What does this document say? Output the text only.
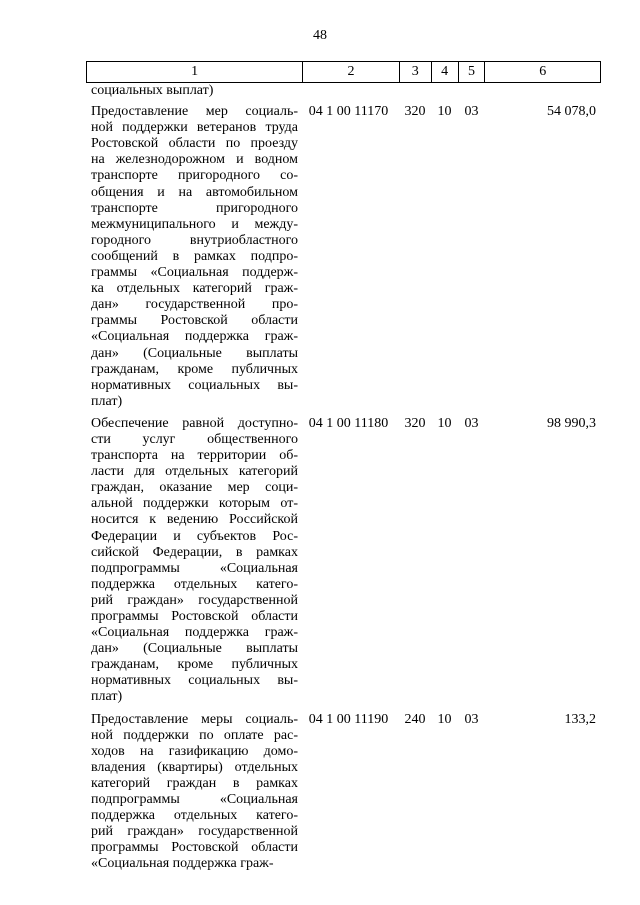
48
1	2	3	4	5	6
социальных выплат)
Предоставление мер социаль-
ной поддержки ветеранов труда
Ростовской области по проезду
на железнодорожном и водном
транспорте пригородного со-
общения и на автомобильном
транспорте пригородного
межмуниципального и между-
городного внутриобластного
сообщений в рамках подпро-
граммы «Социальная поддерж-
ка отдельных категорий граж-
дан» государственной про-
граммы Ростовской области
«Социальная поддержка граж-
дан» (Социальные выплаты
гражданам, кроме публичных
нормативных социальных вы-
плат)
04 1 00 11170	320 10 03	54 078,0
Обеспечение равной доступно-
сти услуг общественного
транспорта на территории об-
ласти для отдельных категорий
граждан, оказание мер соци-
альной поддержки которым от-
носится к ведению Российской
Федерации и субъектов Рос-
сийской Федерации, в рамках
подпрограммы «Социальная
поддержка отдельных катего-
рий граждан» государственной
программы Ростовской области
«Социальная поддержка граж-
дан» (Социальные выплаты
гражданам, кроме публичных
нормативных социальных вы-
плат)
04 1 00 11180	320 10 03	98 990,3
Предоставление меры социаль-
ной поддержки по оплате рас-
ходов на газификацию домо-
владения (квартиры) отдельных
категорий граждан в рамках
подпрограммы «Социальная
поддержка отдельных катего-
рий граждан» государственной
программы Ростовской области
«Социальная поддержка граж-
04 1 00 11190	240 10 03	133,2
